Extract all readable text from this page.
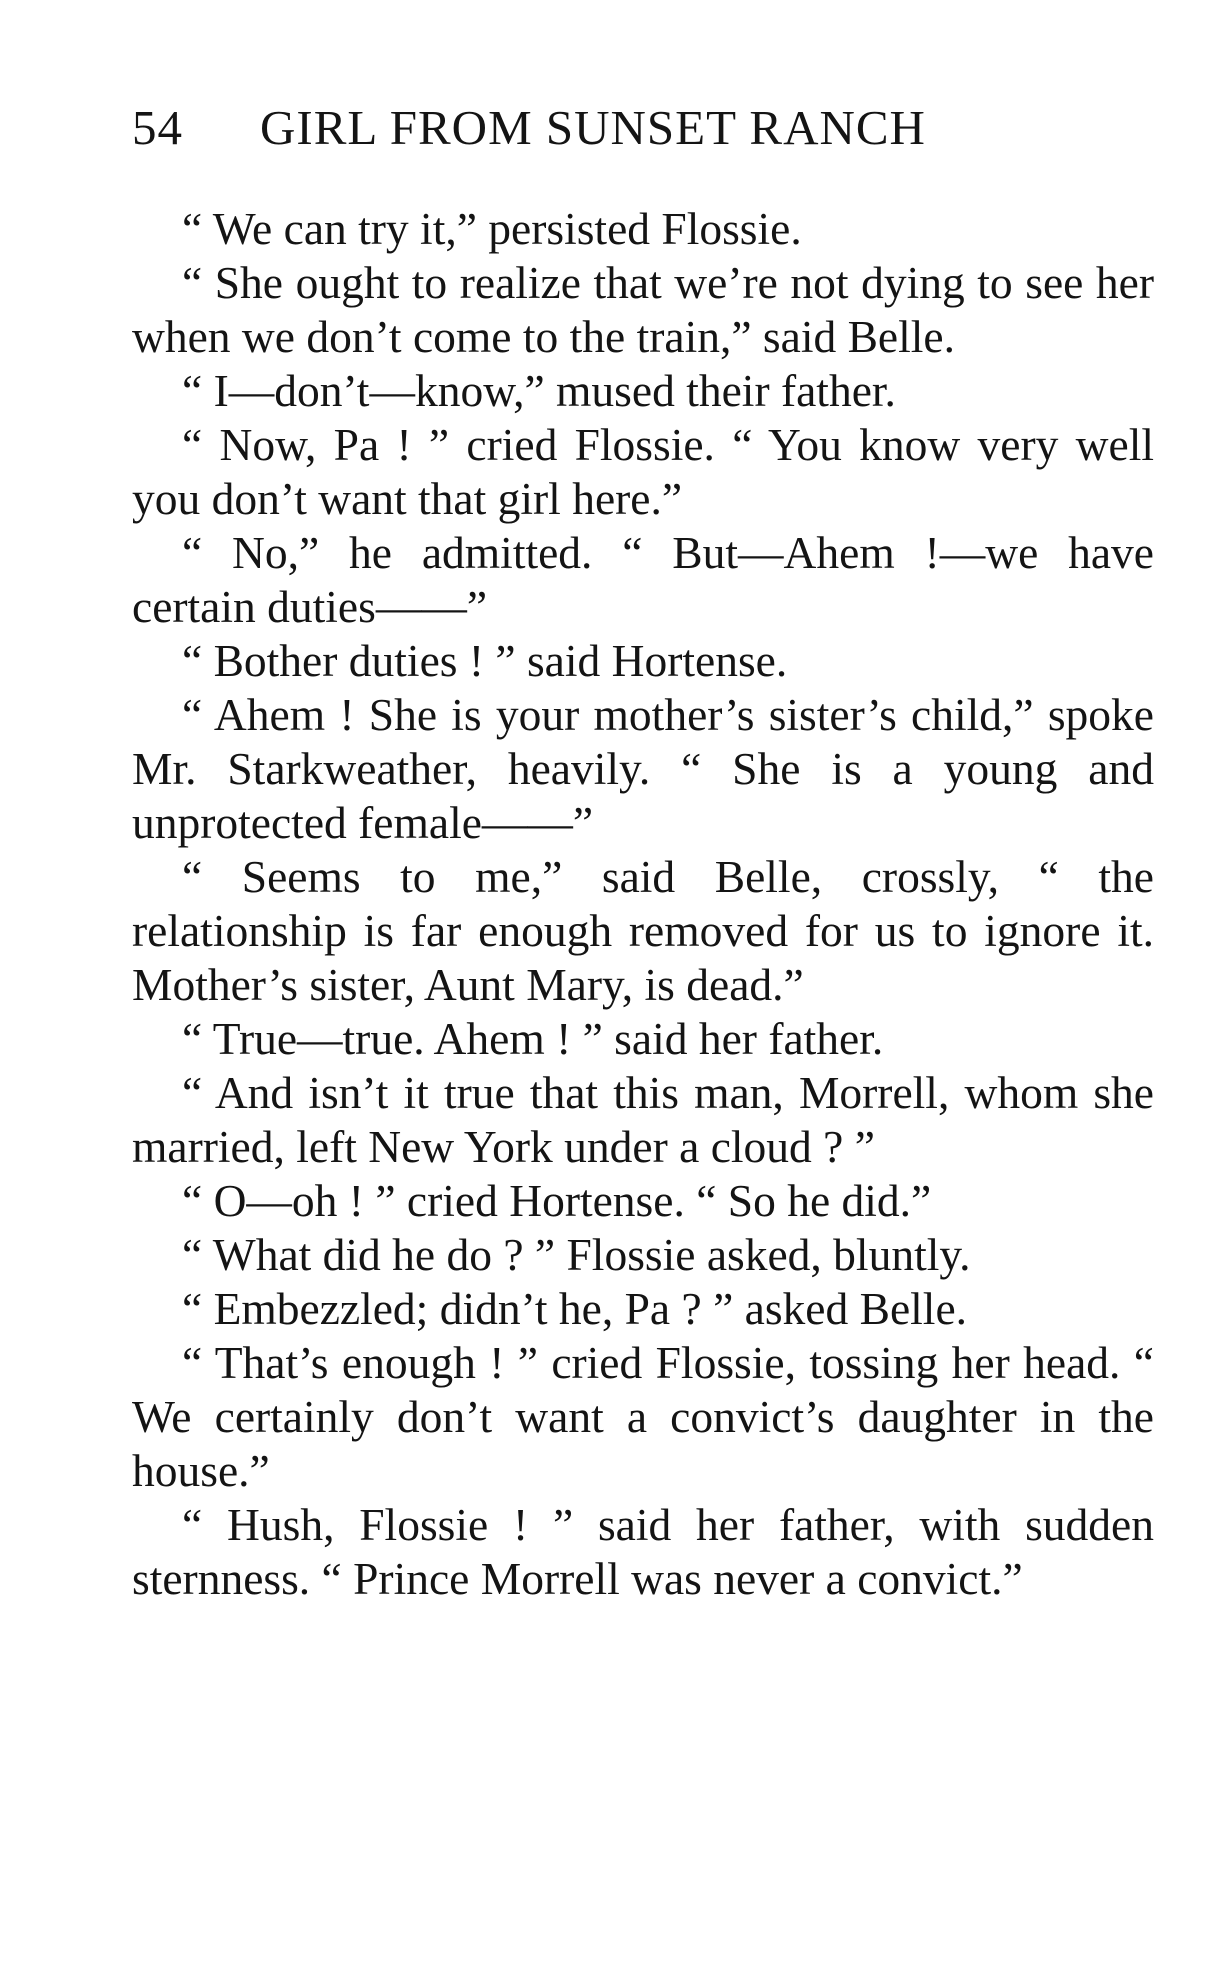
54 GIRL FROM SUNSET RANCH

“ We can try it,” persisted Flossie.

“ She ought to realize that we’re not dying to see her when we don’t come to the train,” said Belle.

“ I—don’t—know,” mused their father.

“ Now, Pa ! ” cried Flossie. “ You know very well you don’t want that girl here.”

“ No,” he admitted. “ But—Ahem !—we have certain duties——”

“ Bother duties ! ” said Hortense.

“ Ahem ! She is your mother’s sister’s child,” spoke Mr. Starkweather, heavily. “ She is a young and unprotected female——”

“ Seems to me,” said Belle, crossly, “ the relationship is far enough removed for us to ignore it. Mother’s sister, Aunt Mary, is dead.”

“ True—true. Ahem ! ” said her father.

“ And isn’t it true that this man, Morrell, whom she married, left New York under a cloud ? ”

“ O—oh ! ” cried Hortense. “ So he did.”

“ What did he do ? ” Flossie asked, bluntly.

“ Embezzled; didn’t he, Pa ? ” asked Belle.

“ That’s enough ! ” cried Flossie, tossing her head. “ We certainly don’t want a convict’s daughter in the house.”

“ Hush, Flossie ! ” said her father, with sudden sternness. “ Prince Morrell was never a convict.”
